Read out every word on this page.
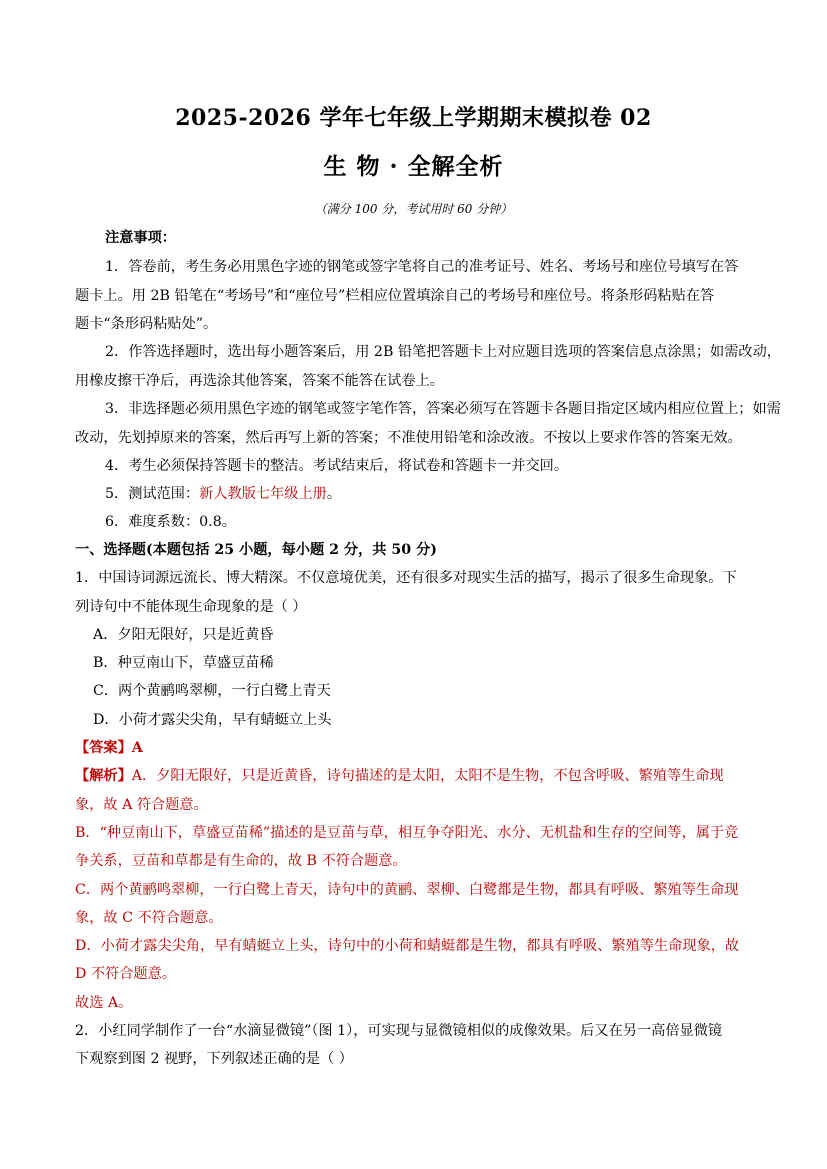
2025-2026 学年七年级上学期期末模拟卷 02
生 物 · 全解全析
（满分 100 分，考试用时 60 分钟）
注意事项：
1．答卷前，考生务必用黑色字迹的钢笔或签字笔将自己的准考证号、姓名、考场号和座位号填写在答
题卡上。用 2B 铅笔在“考场号”和“座位号”栏相应位置填涂自己的考场号和座位号。将条形码粘贴在答
题卡“条形码粘贴处”。
2．作答选择题时，选出每小题答案后，用 2B 铅笔把答题卡上对应题目选项的答案信息点涂黑；如需改动，
用橡皮擦干净后，再选涂其他答案，答案不能答在试卷上。
3．非选择题必须用黑色字迹的钢笔或签字笔作答，答案必须写在答题卡各题目指定区域内相应位置上；如需
改动，先划掉原来的答案，然后再写上新的答案；不准使用铅笔和涂改液。不按以上要求作答的答案无效。
4．考生必须保持答题卡的整洁。考试结束后，将试卷和答题卡一并交回。
5．测试范围：新人教版七年级上册。
6．难度系数：0.8。
一、选择题(本题包括 25 小题，每小题 2 分，共 50 分)
1．中国诗词源远流长、博大精深。不仅意境优美，还有很多对现实生活的描写，揭示了很多生命现象。下
列诗句中不能体现生命现象的是（ ）
A．夕阳无限好，只是近黄昏
B．种豆南山下，草盛豆苗稀
C．两个黄鹂鸣翠柳，一行白鹭上青天
D．小荷才露尖尖角，早有蜻蜓立上头
【答案】A
【解析】A．夕阳无限好，只是近黄昏，诗句描述的是太阳，太阳不是生物，不包含呼吸、繁殖等生命现
象，故 A 符合题意。
B．“种豆南山下，草盛豆苗稀”描述的是豆苗与草，相互争夺阳光、水分、无机盐和生存的空间等，属于竞
争关系，豆苗和草都是有生命的，故 B 不符合题意。
C．两个黄鹂鸣翠柳，一行白鹭上青天，诗句中的黄鹂、翠柳、白鹭都是生物，都具有呼吸、繁殖等生命现
象，故 C 不符合题意。
D．小荷才露尖尖角，早有蜻蜓立上头，诗句中的小荷和蜻蜓都是生物，都具有呼吸、繁殖等生命现象，故
D 不符合题意。
故选 A。
2．小红同学制作了一台“水滴显微镜”（图 1），可实现与显微镜相似的成像效果。后又在另一高倍显微镜
下观察到图 2 视野，下列叙述正确的是（ ）
